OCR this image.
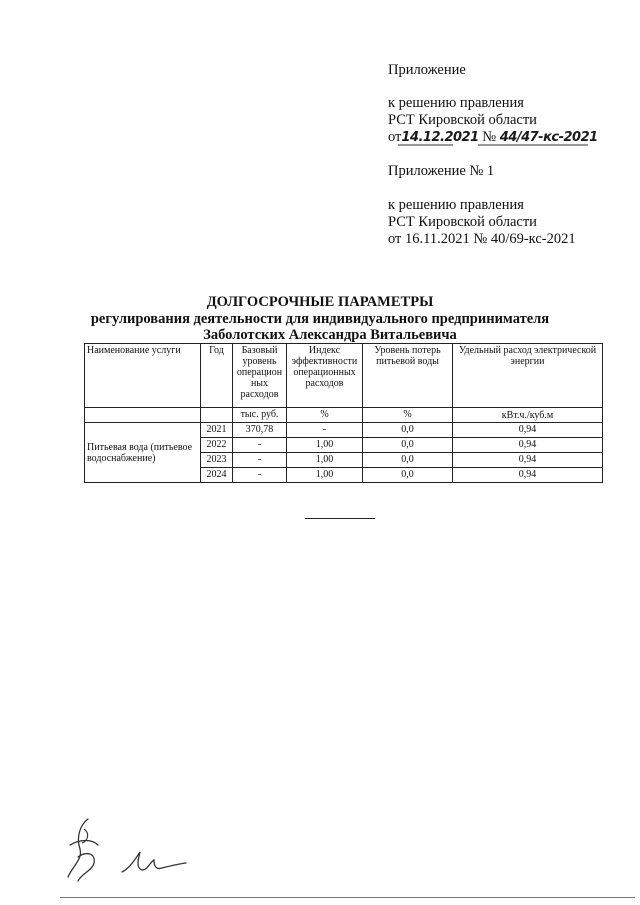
Приложение
к решению правления
РСТ Кировской области
от14.12.2021 № 44/47-кс-2021
Приложение № 1
к решению правления
РСТ Кировской области
от 16.11.2021 № 40/69-кс-2021
ДОЛГОСРОЧНЫЕ ПАРАМЕТРЫ
регулирования деятельности для индивидуального предпринимателя
Заболотских Александра Витальевича
Наименование услуги	Год	Базовый уровень операцион ных расходов	Индекс эффективности операционных расходов	Уровень потерь питьевой воды	Удельный расход электрической энергии
		тыс. руб.	%	%	кВт.ч./куб.м
Питьевая вода (питьевое водоснабжение)	2021	370,78	-	0,0	0,94
	2022	-	1,00	0,0	0,94
	2023	-	1,00	0,0	0,94
	2024	-	1,00	0,0	0,94
